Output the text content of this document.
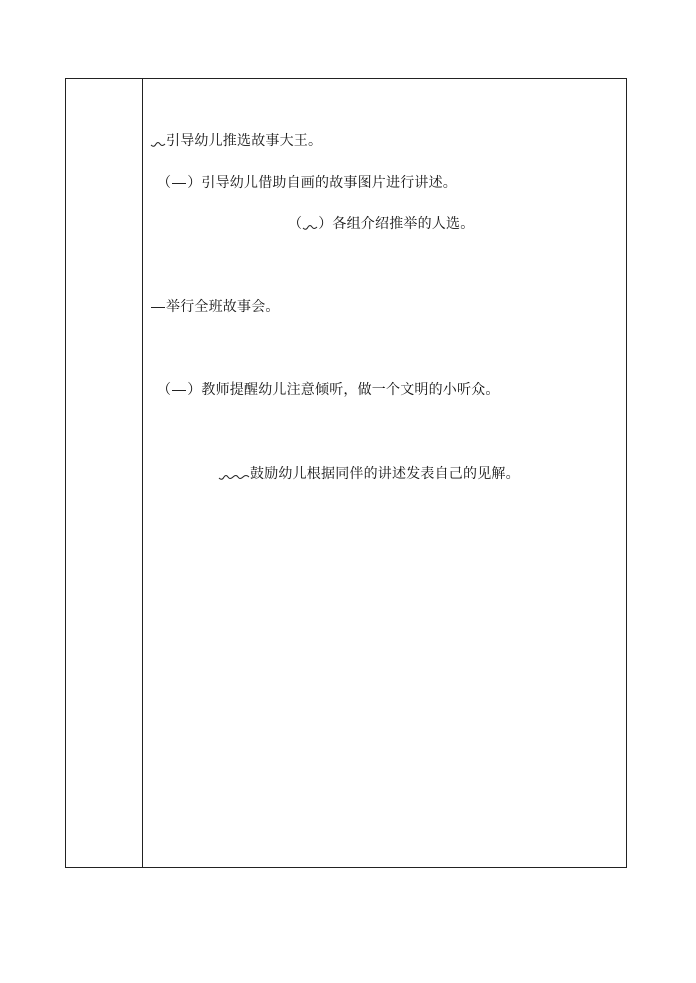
引导幼儿推选故事大王。
（ ）引导幼儿借助自画的故事图片进行讲述。
（ ）各组介绍推举的人选。
举行全班故事会。
（ ）教师提醒幼儿注意倾听，做一个文明的小听众。
鼓励幼儿根据同伴的讲述发表自己的见解。
